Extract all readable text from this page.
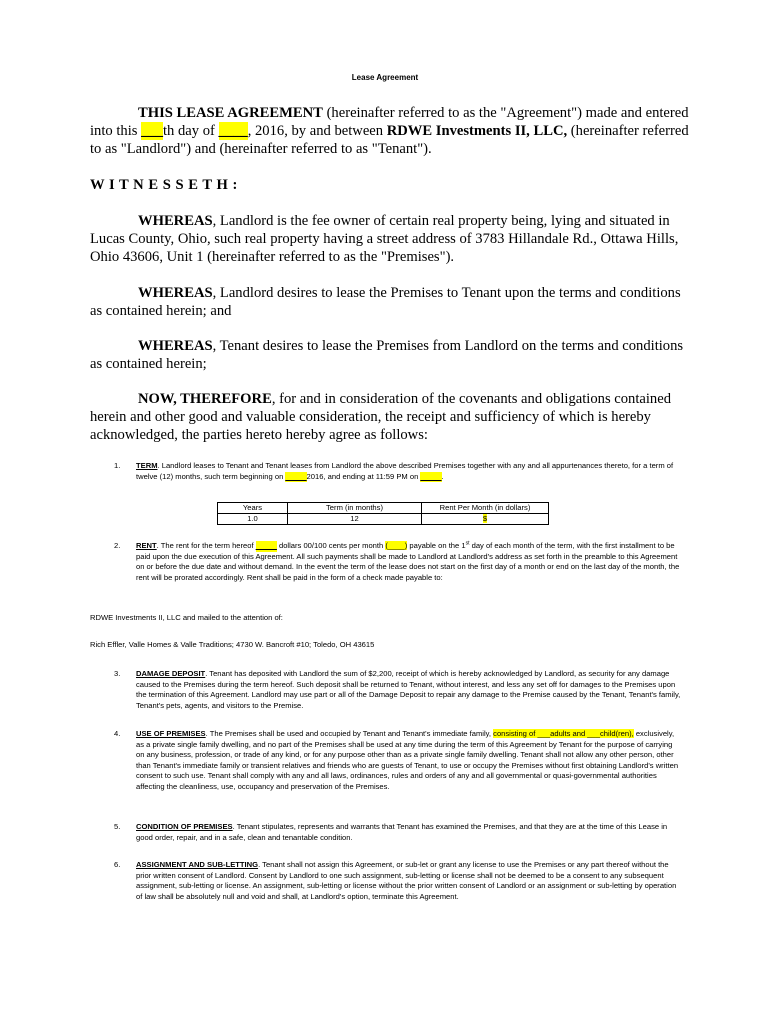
Lease Agreement

THIS LEASE AGREEMENT (hereinafter referred to as the "Agreement") made and entered into this ___th day of ____, 2016, by and between RDWE Investments II, LLC, (hereinafter referred to as "Landlord") and (hereinafter referred to as "Tenant").

W I T N E S S E T H :

WHEREAS, Landlord is the fee owner of certain real property being, lying and situated in Lucas County, Ohio, such real property having a street address of 3783 Hillandale Rd., Ottawa Hills, Ohio 43606, Unit 1 (hereinafter referred to as the "Premises").

WHEREAS, Landlord desires to lease the Premises to Tenant upon the terms and conditions as contained herein; and

WHEREAS, Tenant desires to lease the Premises from Landlord on the terms and conditions as contained herein;

NOW, THEREFORE, for and in consideration of the covenants and obligations contained herein and other good and valuable consideration, the receipt and sufficiency of which is hereby acknowledged, the parties hereto hereby agree as follows:

1. TERM. Landlord leases to Tenant and Tenant leases from Landlord the above described Premises together with any and all appurtenances thereto, for a term of twelve (12) months, such term beginning on _____2016, and ending at 11:59 PM on _____.
Years	Term (in months)	Rent Per Month (in dollars)
1.0	12	$
2. RENT. The rent for the term hereof _____ dollars 00/100 cents per month (____) payable on the 1st day of each month of the term, with the first installment to be paid upon the due execution of this Agreement. All such payments shall be made to Landlord at Landlord's address as set forth in the preamble to this Agreement on or before the due date and without demand. In the event the term of the lease does not start on the first day of a month or end on the last day of the month, the rent will be prorated accordingly. Rent shall be paid in the form of a check made payable to:
RDWE Investments II, LLC and mailed to the attention of:
Rich Effler, Valle Homes & Valle Traditions; 4730 W. Bancroft #10; Toledo, OH 43615
3. DAMAGE DEPOSIT. Tenant has deposited with Landlord the sum of $2,200, receipt of which is hereby acknowledged by Landlord, as security for any damage caused to the Premises during the term hereof. Such deposit shall be returned to Tenant, without interest, and less any set off for damages to the Premises upon the termination of this Agreement. Landlord may use part or all of the Damage Deposit to repair any damage to the Premise caused by the Tenant, Tenant's family, Tenant's pets, agents, and visitors to the Premise.
4. USE OF PREMISES. The Premises shall be used and occupied by Tenant and Tenant's immediate family, consisting of ___adults and ___child(ren), exclusively, as a private single family dwelling, and no part of the Premises shall be used at any time during the term of this Agreement by Tenant for the purpose of carrying on any business, profession, or trade of any kind, or for any purpose other than as a private single family dwelling. Tenant shall not allow any other person, other than Tenant's immediate family or transient relatives and friends who are guests of Tenant, to use or occupy the Premises without first obtaining Landlord's written consent to such use. Tenant shall comply with any and all laws, ordinances, rules and orders of any and all governmental or quasi-governmental authorities affecting the cleanliness, use, occupancy and preservation of the Premises.
5. CONDITION OF PREMISES. Tenant stipulates, represents and warrants that Tenant has examined the Premises, and that they are at the time of this Lease in good order, repair, and in a safe, clean and tenantable condition.
6. ASSIGNMENT AND SUB-LETTING. Tenant shall not assign this Agreement, or sub-let or grant any license to use the Premises or any part thereof without the prior written consent of Landlord. Consent by Landlord to one such assignment, sub-letting or license shall not be deemed to be a consent to any subsequent assignment, sub-letting or license. An assignment, sub-letting or license without the prior written consent of Landlord or an assignment or sub-letting by operation of law shall be absolutely null and void and shall, at Landlord's option, terminate this Agreement.
